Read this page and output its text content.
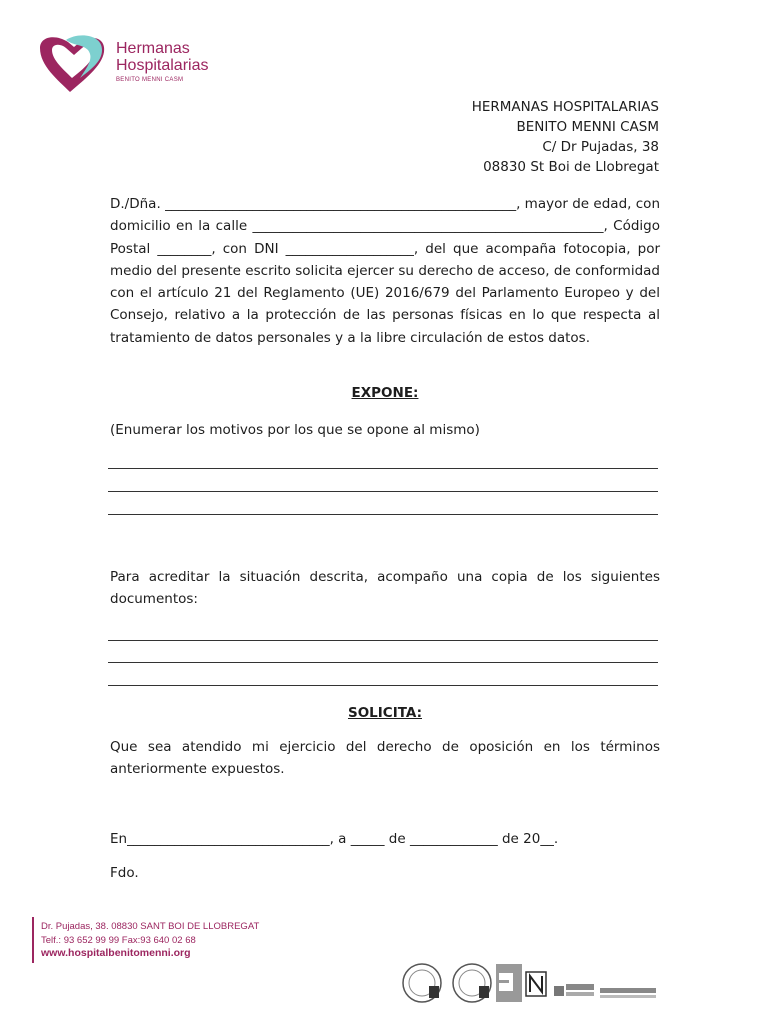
Hermanas
Hospitalarias
BENITO MENNI CASM
HERMANAS HOSPITALARIAS
BENITO MENNI CASM
C/ Dr Pujadas, 38
08830 St Boi de Llobregat
D./Dña. ____________________________________________________, mayor de edad, con domicilio en la calle ____________________________________________________, Código Postal ________, con DNI ___________________, del que acompaña fotocopia, por medio del presente escrito solicita ejercer su derecho de acceso, de conformidad con el artículo 21 del Reglamento (UE) 2016/679 del Parlamento Europeo y del Consejo, relativo a la protección de las personas físicas en lo que respecta al tratamiento de datos personales y a la libre circulación de estos datos.
EXPONE:
(Enumerar los motivos por los que se opone al mismo)
Para acreditar la situación descrita, acompaño una copia de los siguientes documentos:
SOLICITA:
Que sea atendido mi ejercicio del derecho de oposición en los términos anteriormente expuestos.
En______________________________, a _____ de _____________ de 20__.
Fdo.
Dr. Pujadas, 38. 08830 SANT BOI DE LLOBREGAT
Telf.: 93 652 99 99 Fax:93 640 02 68
www.hospitalbenitomenni.org
